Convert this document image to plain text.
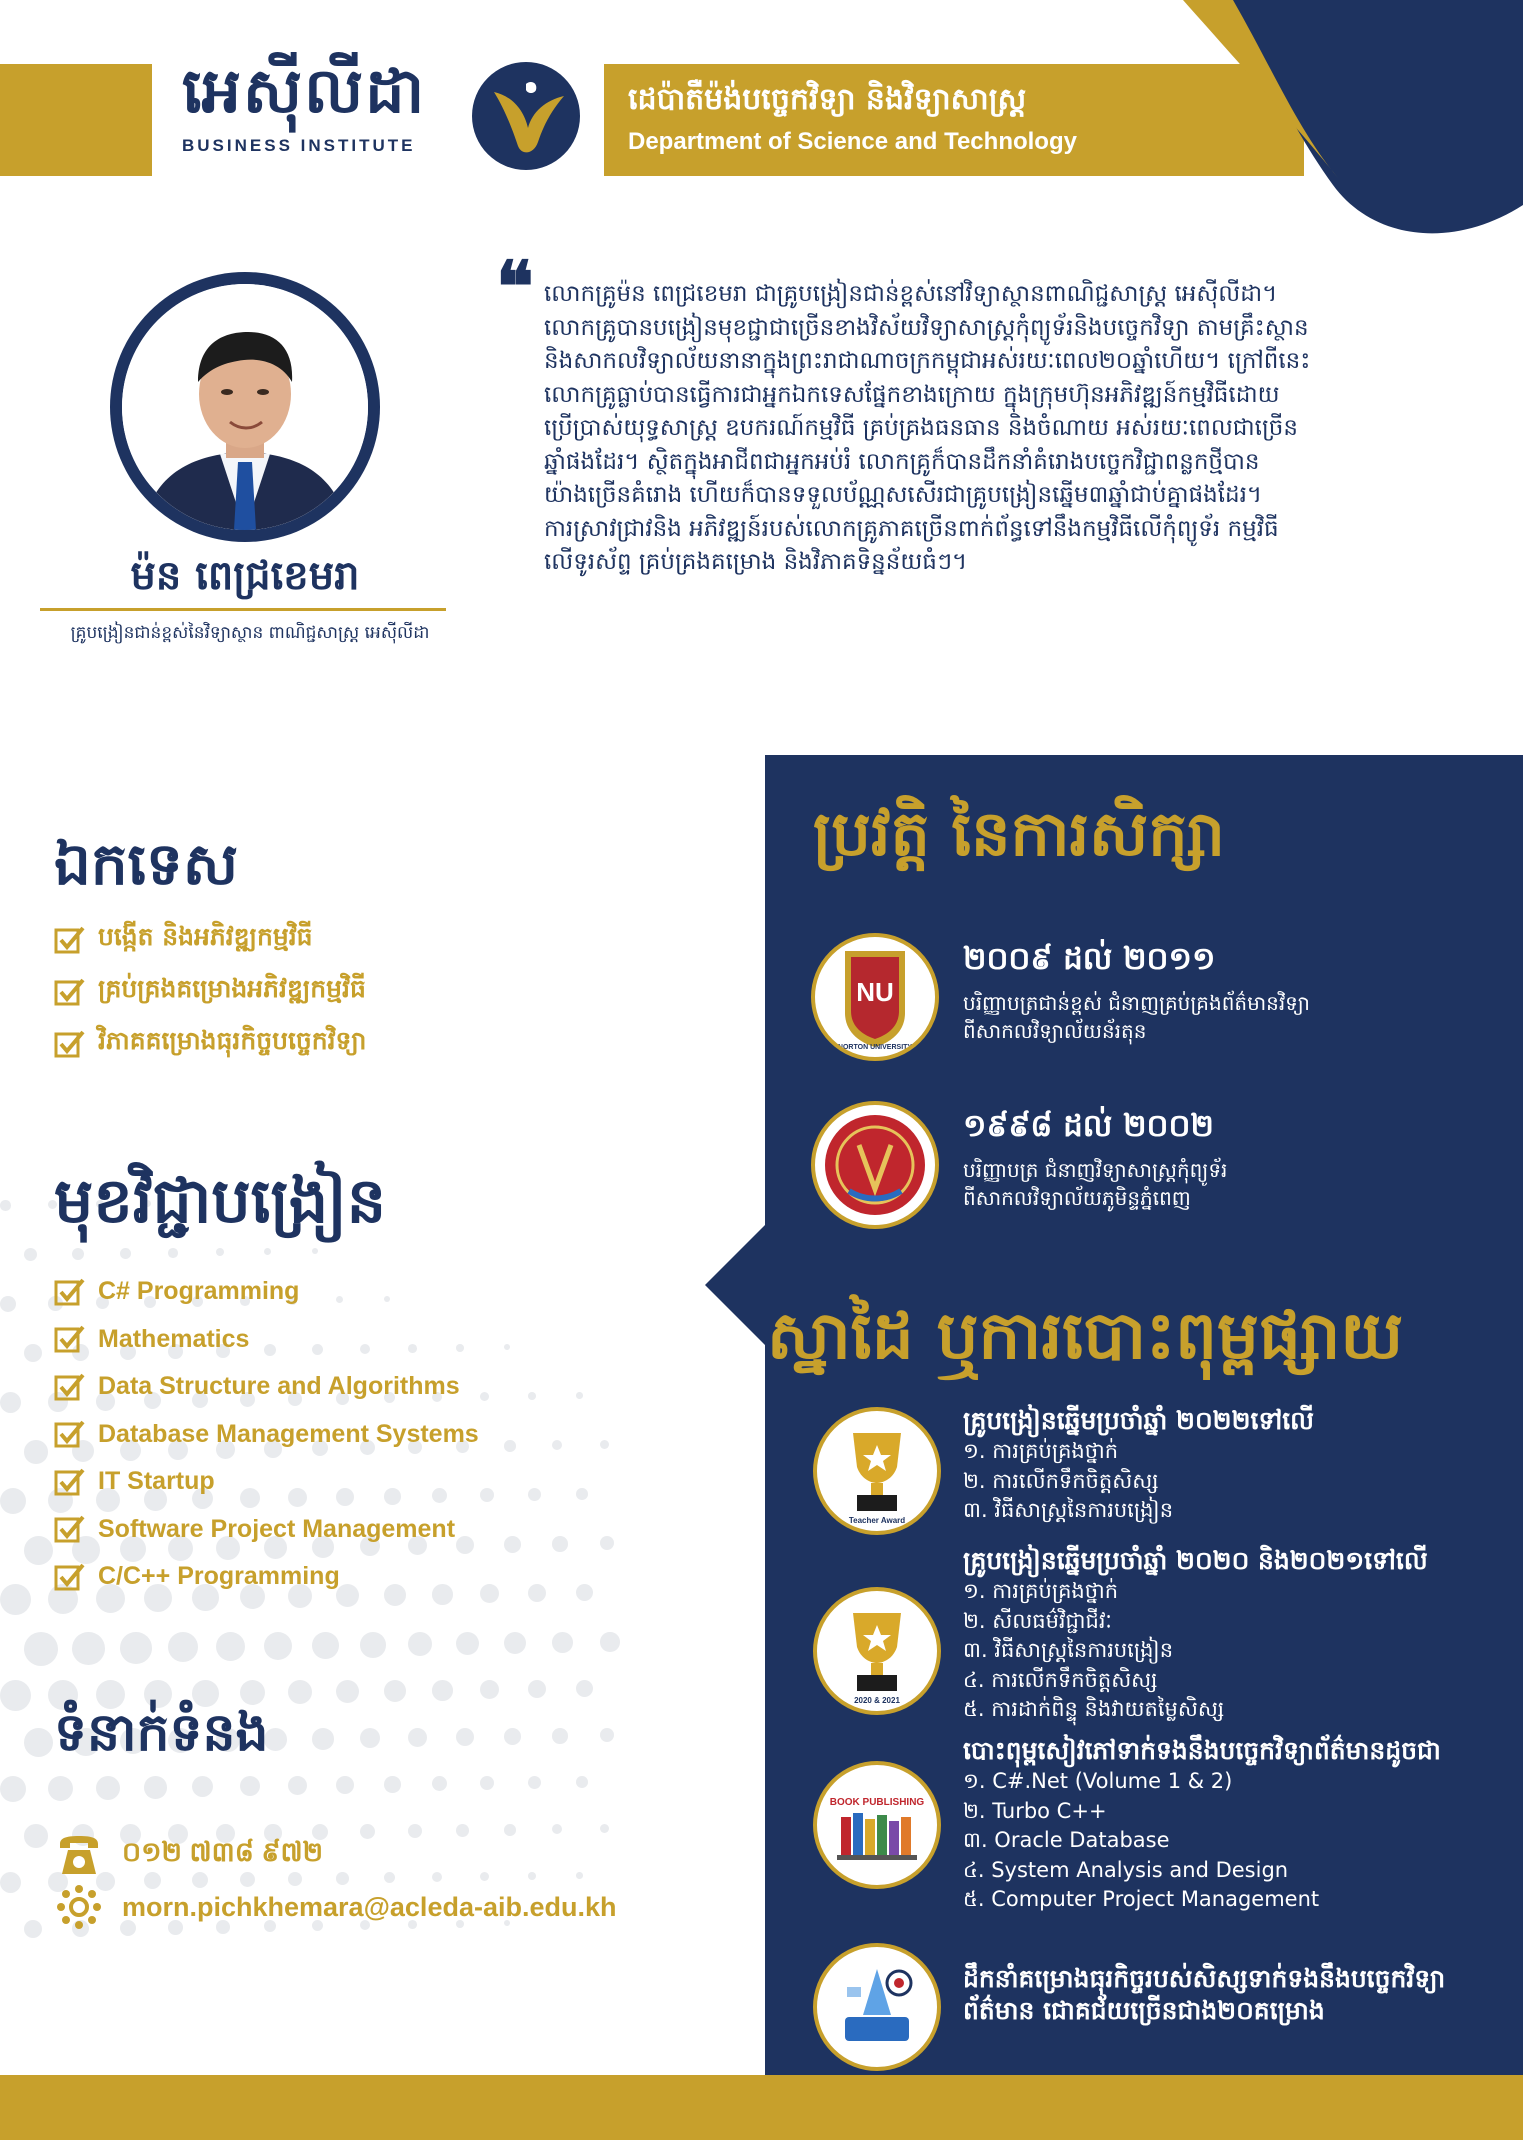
អេស៊ីលីដា
BUSINESS INSTITUTE
ដេប៉ាតឺម៉ង់បច្ចេកវិទ្យា និងវិទ្យាសាស្ត្រ
Department of Science and Technology
ម៉ន ពេជ្រខេមរា
គ្រូបង្រៀនជាន់ខ្ពស់នៃវិទ្យាស្ថាន ពាណិជ្ជសាស្ត្រ អេស៊ីលីដា
❝ លោកគ្រូម៉ន ពេជ្រខេមរា ជាគ្រូបង្រៀនជាន់ខ្ពស់នៅវិទ្យាស្ថានពាណិជ្ជសាស្ត្រ អេស៊ីលីដា។
លោកគ្រូបានបង្រៀនមុខជ្ជាជាច្រើនខាងវិស័យវិទ្យាសាស្ត្រកុំព្យូទ័រនិងបច្ចេកវិទ្យា តាមគ្រឹះស្ថាន
និងសាកលវិទ្យាល័យនានាក្នុងព្រះរាជាណាចក្រកម្ពុជាអស់រយៈពេល២០ឆ្នាំហើយ។ ក្រៅពីនេះ
លោកគ្រូធ្លាប់បានធ្វើការជាអ្នកឯកទេសផ្នែកខាងក្រោយ ក្នុងក្រុមហ៊ុនអភិវឌ្ឍន៍កម្មវិធីដោយ
ប្រើប្រាស់យុទ្ធសាស្ត្រ ឧបករណ៍កម្មវិធី គ្រប់គ្រងធនធាន និងចំណាយ អស់រយៈពេលជាច្រើន
ឆ្នាំផងដែរ។ ស្ថិតក្នុងអាជីពជាអ្នកអប់រំ លោកគ្រូក៏បានដឹកនាំគំរោងបច្ចេកវិជ្ជាពន្លកថ្មីបាន
យ៉ាងច្រើនគំរោង ហើយក៏បានទទួលប័ណ្ណសសើរជាគ្រូបង្រៀនឆ្នើម៣ឆ្នាំជាប់គ្នាផងដែរ។
ការស្រាវជ្រាវនិង អភិវឌ្ឍន៍របស់លោកគ្រូភាគច្រើនពាក់ព័ន្ធទៅនឹងកម្មវិធីលើកុំព្យូទ័រ កម្មវិធី
លើទូរស័ព្ទ គ្រប់គ្រងគម្រោង និងវិភាគទិន្នន័យធំៗ។
ឯកទេស
បង្កើត និងអភិវឌ្ឍកម្មវិធី
គ្រប់គ្រងគម្រោងអភិវឌ្ឍកម្មវិធី
វិភាគគម្រោងធុរកិច្ចបច្ចេកវិទ្យា
មុខវិជ្ជាបង្រៀន
C# Programming
Mathematics
Data Structure and Algorithms
Database Management Systems
IT Startup
Software Project Management
C/C++ Programming
ទំនាក់ទំនង
០១២ ៧៣៨ ៩៧២
morn.pichkhemara@acleda-aib.edu.kh
ប្រវត្តិ នៃការសិក្សា
NU
NORTON UNIVERSITY
២០០៩ ដល់ ២០១១
បរិញ្ញាបត្រជាន់ខ្ពស់ ជំនាញគ្រប់គ្រងព័ត៌មានវិទ្យា
ពីសាកលវិទ្យាល័យន័រតុន
១៩៩៨ ដល់ ២០០២
បរិញ្ញាបត្រ ជំនាញវិទ្យាសាស្ត្រកុំព្យូទ័រ
ពីសាកលវិទ្យាល័យភូមិន្ទភ្នំពេញ
ស្នាដៃ ឬការបោះពុម្ពផ្សាយ
Teacher Award
គ្រូបង្រៀនឆ្នើមប្រចាំឆ្នាំ ២០២២ទៅលើ
១. ការគ្រប់គ្រងថ្នាក់
២. ការលើកទឹកចិត្តសិស្ស
៣. វិធីសាស្ត្រនៃការបង្រៀន
2020 & 2021
គ្រូបង្រៀនឆ្នើមប្រចាំឆ្នាំ ២០២០ និង២០២១ទៅលើ
១. ការគ្រប់គ្រងថ្នាក់
២. សីលធម៌វិជ្ជាជីវៈ
៣. វិធីសាស្ត្រនៃការបង្រៀន
៤. ការលើកទឹកចិត្តសិស្ស
៥. ការដាក់ពិន្ទុ និងវាយតម្លៃសិស្ស
BOOK PUBLISHING
បោះពុម្ពសៀវភៅទាក់ទងនឹងបច្ចេកវិទ្យាព័ត៌មានដូចជា
១. C#.Net (Volume 1 & 2)
២. Turbo C++
៣. Oracle Database
៤. System Analysis and Design
៥. Computer Project Management
ដឹកនាំគម្រោងធុរកិច្ចរបស់សិស្សទាក់ទងនឹងបច្ចេកវិទ្យា
ព័ត៌មាន ជោគជ័យច្រើនជាង២០គម្រោង
